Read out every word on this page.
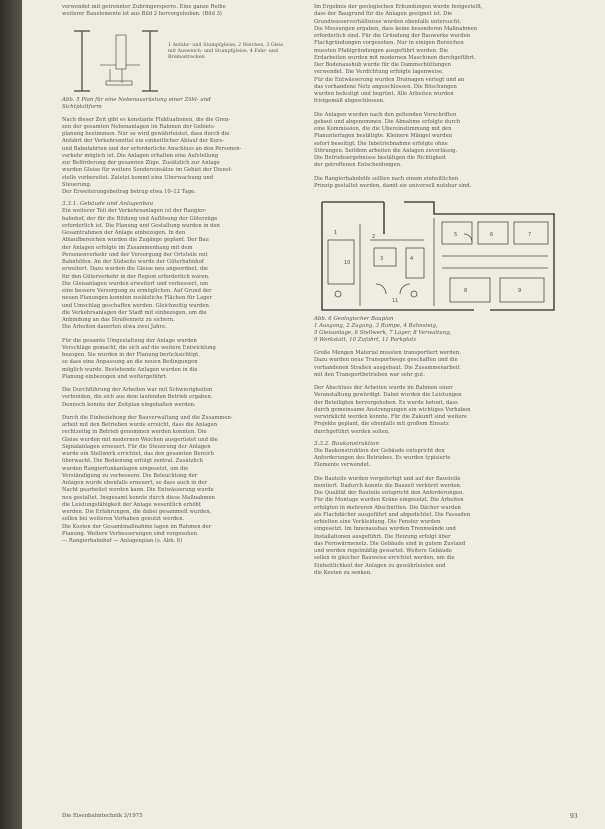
verwendet mit getrennter Zubringersperre. Eine ganze Reihe
weiterer Bauelemente ist aus Bild 2 hervorgehoben. (Bild 3)
1 Anfahr- und Stumpfgleise, 2 Weichen, 3 Gleis
mit Ausweich- und Stumpfgleise, 4 Fahr- und
Bremsstrecken
Abb. 5 Plan für eine Nebenausrüstung einer Zähl- und
Sichtplattform
Nach dieser Zeit gibt es konstante Fluktuationen, die die Gren-
zen der gesamten Nebenanlagen im Rahmen der Gebiets-
planung bestimmen. Nur so wird gewährleistet, dass durch die
Anfahrt der Verkehrsmittel ein einheitlicher Ablauf der Kurs-
und Bahnfahrten und der erforderliche Anschluss an den Personen-
verkehr möglich ist. Die Anlagen erhalten eine Aufstellung
zur Beförderung der gesamten Züge. Zusätzlich zur Anlage
wurden Gleise für weitere Sondereinsätze im Gebiet der Dienst-
stelle vorbereitet. Zuletzt kommt eine Überwachung und
Steuerung.
Der Erweiterungsbeitrag betrug etwa 10–12 Tage.
3.3.1. Gebäude und Anlagenbau
Ein weiterer Teil der Verkehrsanlagen ist der Rangier-
bahnhof, der für die Bildung und Auflösung der Güterzüge
erforderlich ist. Die Planung und Gestaltung wurden in den
Gesamtrahmen der Anlage einbezogen. In den
Ablaufbereichen wurden die Zugänge geplant. Der Bau
der Anlagen erfolgte im Zusammenhang mit dem
Personenverkehr und der Versorgung der Ortsteile mit
Bahnhöfen. An der Südseite wurde der Güterbahnhof
erweitert. Dazu wurden die Gleise neu angeordnet, die
für den Güterverkehr in der Region erforderlich waren.
Die Gleisanlagen wurden erweitert und verbessert, um
eine bessere Versorgung zu ermöglichen. Auf Grund der
neuen Planungen konnten zusätzliche Flächen für Lager
und Umschlag geschaffen werden. Gleichzeitig wurden
die Verkehrsanlagen der Stadt mit einbezogen, um die
Anbindung an das Straßennetz zu sichern.
Die Arbeiten dauerten etwa zwei Jahre.
Für die gesamte Umgestaltung der Anlage wurden
Vorschläge gemacht, die sich auf die weitere Entwicklung
bezogen. Sie wurden in der Planung berücksichtigt,
so dass eine Anpassung an die neuen Bedingungen
möglich wurde. Bestehende Anlagen wurden in die
Planung einbezogen und weitergeführt.
Die Durchführung der Arbeiten war mit Schwierigkeiten
verbunden, die sich aus dem laufenden Betrieb ergaben.
Dennoch konnte der Zeitplan eingehalten werden.
Durch die Einbeziehung der Bauverwaltung und die Zusammen-
arbeit mit den Betrieben wurde erreicht, dass die Anlagen
rechtzeitig in Betrieb genommen werden konnten. Die
Gleise wurden mit modernen Weichen ausgerüstet und die
Signalanlagen erneuert. Für die Steuerung der Anlagen
wurde ein Stellwerk errichtet, das den gesamten Bereich
überwacht. Die Bedienung erfolgt zentral. Zusätzlich
wurden Rangierfunkanlagen eingesetzt, um die
Verständigung zu verbessern. Die Beleuchtung der
Anlagen wurde ebenfalls erneuert, so dass auch in der
Nacht gearbeitet werden kann. Die Entwässerung wurde
neu gestaltet. Insgesamt konnte durch diese Maßnahmen
die Leistungsfähigkeit der Anlage wesentlich erhöht
werden. Die Erfahrungen, die dabei gesammelt wurden,
sollen bei weiteren Vorhaben genutzt werden.
Die Kosten der Gesamtmaßnahme lagen im Rahmen der
Planung. Weitere Verbesserungen sind vorgesehen.
— Rangierbahnhof — Anlagenplan (s. Abb. 6)
Im Ergebnis der geologischen Erkundungen wurde festgestellt,
dass der Baugrund für die Anlagen geeignet ist. Die
Grundwasserverhältnisse wurden ebenfalls untersucht.
Die Messungen ergaben, dass keine besonderen Maßnahmen
erforderlich sind. Für die Gründung der Bauwerke wurden
Flachgründungen vorgesehen. Nur in einigen Bereichen
mussten Pfahlgründungen ausgeführt werden. Die
Erdarbeiten wurden mit modernen Maschinen durchgeführt.
Der Bodenaushub wurde für die Dammschüttungen
verwendet. Die Verdichtung erfolgte lagenweise.
Für die Entwässerung wurden Drainagen verlegt und an
das vorhandene Netz angeschlossen. Die Böschungen
wurden befestigt und begrünt. Alle Arbeiten wurden
fristgemäß abgeschlossen.
Die Anlagen wurden nach den geltenden Vorschriften
gebaut und abgenommen. Die Abnahme erfolgte durch
eine Kommission, die die Übereinstimmung mit den
Planunterlagen bestätigte. Kleinere Mängel wurden
sofort beseitigt. Die Inbetriebnahme erfolgte ohne
Störungen. Seitdem arbeiten die Anlagen zuverlässig.
Die Betriebsergebnisse bestätigen die Richtigkeit
der getroffenen Entscheidungen.
Die Rangierbahnhöfe sollten nach einem einheitlichen
Prinzip gestaltet werden, damit sie universell nutzbar sind.
1
2
3	4
5	6	7
8	9
10
11
Abb. 6 Geologischer Bauplan
1 Ausgang, 2 Zugang, 3 Rampe, 4 Bahnsteig,
5 Gleisanlage, 6 Stellwerk, 7 Lager, 8 Verwaltung,
9 Werkstatt, 10 Zufahrt, 11 Parkplatz
Große Mengen Material mussten transportiert werden.
Dazu wurden neue Transportwege geschaffen und die
vorhandenen Straßen ausgebaut. Die Zusammenarbeit
mit den Transportbetrieben war sehr gut.
Der Abschluss der Arbeiten wurde im Rahmen einer
Veranstaltung gewürdigt. Dabei wurden die Leistungen
der Beteiligten hervorgehoben. Es wurde betont, dass
durch gemeinsame Anstrengungen ein wichtiges Vorhaben
verwirklicht werden konnte. Für die Zukunft sind weitere
Projekte geplant, die ebenfalls mit großem Einsatz
durchgeführt werden sollen.
3.3.2. Baukonstruktion
Die Baukonstruktion der Gebäude entspricht den
Anforderungen des Betriebes. Es wurden typisierte
Elemente verwendet.
Die Bauteile wurden vorgefertigt und auf der Baustelle
montiert. Dadurch konnte die Bauzeit verkürzt werden.
Die Qualität der Bauteile entspricht den Anforderungen.
Für die Montage wurden Kräne eingesetzt. Die Arbeiten
erfolgten in mehreren Abschnitten. Die Dächer wurden
als Flachdächer ausgeführt und abgedichtet. Die Fassaden
erhielten eine Verkleidung. Die Fenster wurden
eingesetzt. Im Innenausbau wurden Trennwände und
Installationen ausgeführt. Die Heizung erfolgt über
das Fernwärmenetz. Die Gebäude sind in gutem Zustand
und werden regelmäßig gewartet. Weitere Gebäude
sollen in gleicher Bauweise errichtet werden, um die
Einheitlichkeit der Anlagen zu gewährleisten und
die Kosten zu senken.
Die Eisenbahntechnik 3/1975	93
